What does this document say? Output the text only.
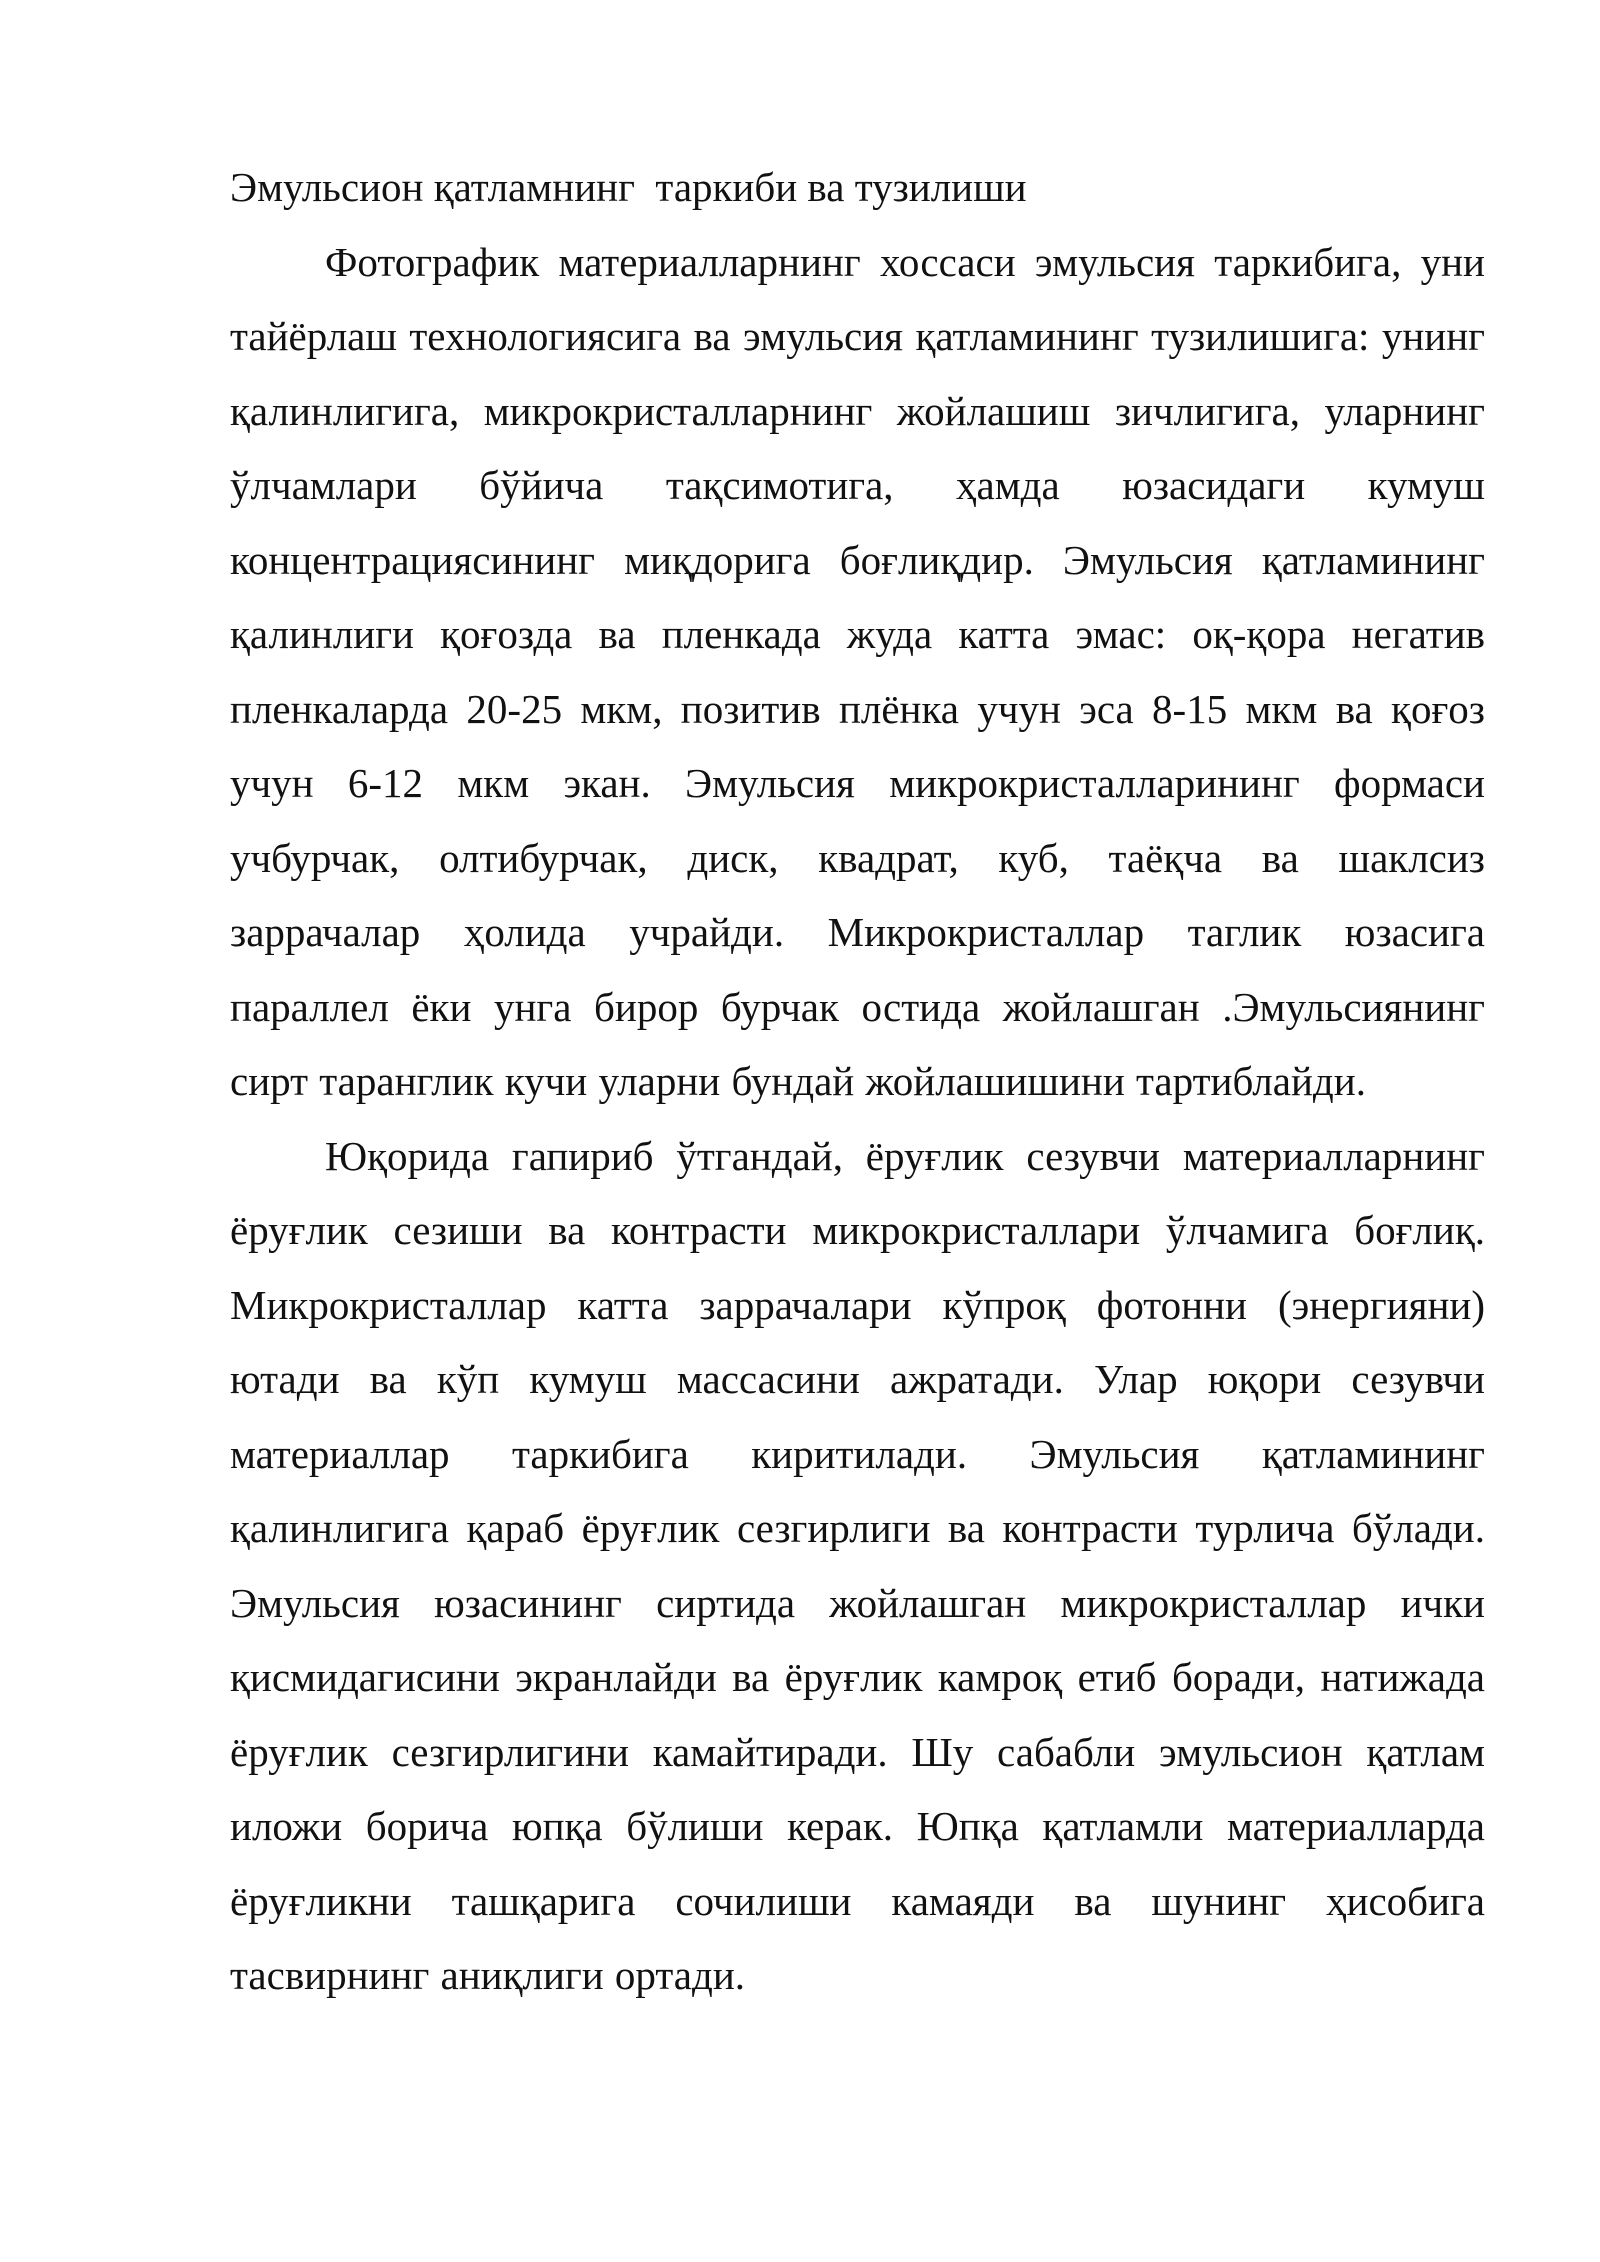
Эмульсион қатламнинг  таркиби ва тузилиши

Фотографик материалларнинг хоссаси эмульсия таркибига, уни тайёрлаш технологиясига ва эмульсия қатламининг тузилишига: унинг қалинлигига, микрокристалларнинг жойлашиш зичлигига, уларнинг ўлчамлари бўйича тақсимотига, ҳамда юзасидаги кумуш концентрациясининг миқдорига боғлиқдир. Эмульсия қатламининг қалинлиги қоғозда ва пленкада жуда катта эмас: оқ-қора негатив пленкаларда 20-25 мкм, позитив плёнка учун эса 8-15 мкм ва қоғоз учун 6-12 мкм экан. Эмульсия микрокристалларининг формаси учбурчак, олтибурчак, диск, квадрат, куб, таёқча ва шаклсиз заррачалар ҳолида учрайди. Микрокристаллар таглик юзасига параллел ёки унга бирор бурчак остида жойлашган .Эмульсиянинг сирт таранглик кучи уларни бундай жойлашишини тартиблайди.

Юқорида гапириб ўтгандай, ёруғлик сезувчи материалларнинг ёруғлик сезиши ва контрасти микрокристаллари ўлчамига боғлиқ. Микрокристаллар катта заррачалари кўпроқ фотонни (энергияни) ютади ва кўп кумуш массасини ажратади. Улар юқори сезувчи материаллар таркибига киритилади. Эмульсия қатламининг қалинлигига қараб ёруғлик сезгирлиги ва контрасти турлича бўлади. Эмульсия юзасининг сиртида жойлашган микрокристаллар ички қисмидагисини экранлайди ва ёруғлик камроқ етиб боради, натижада ёруғлик сезгирлигини камайтиради. Шу сабабли эмульсион қатлам иложи борича юпқа бўлиши керак. Юпқа қатламли материалларда ёруғликни ташқарига сочилиши камаяди ва шунинг ҳисобига тасвирнинг аниқлиги ортади.
